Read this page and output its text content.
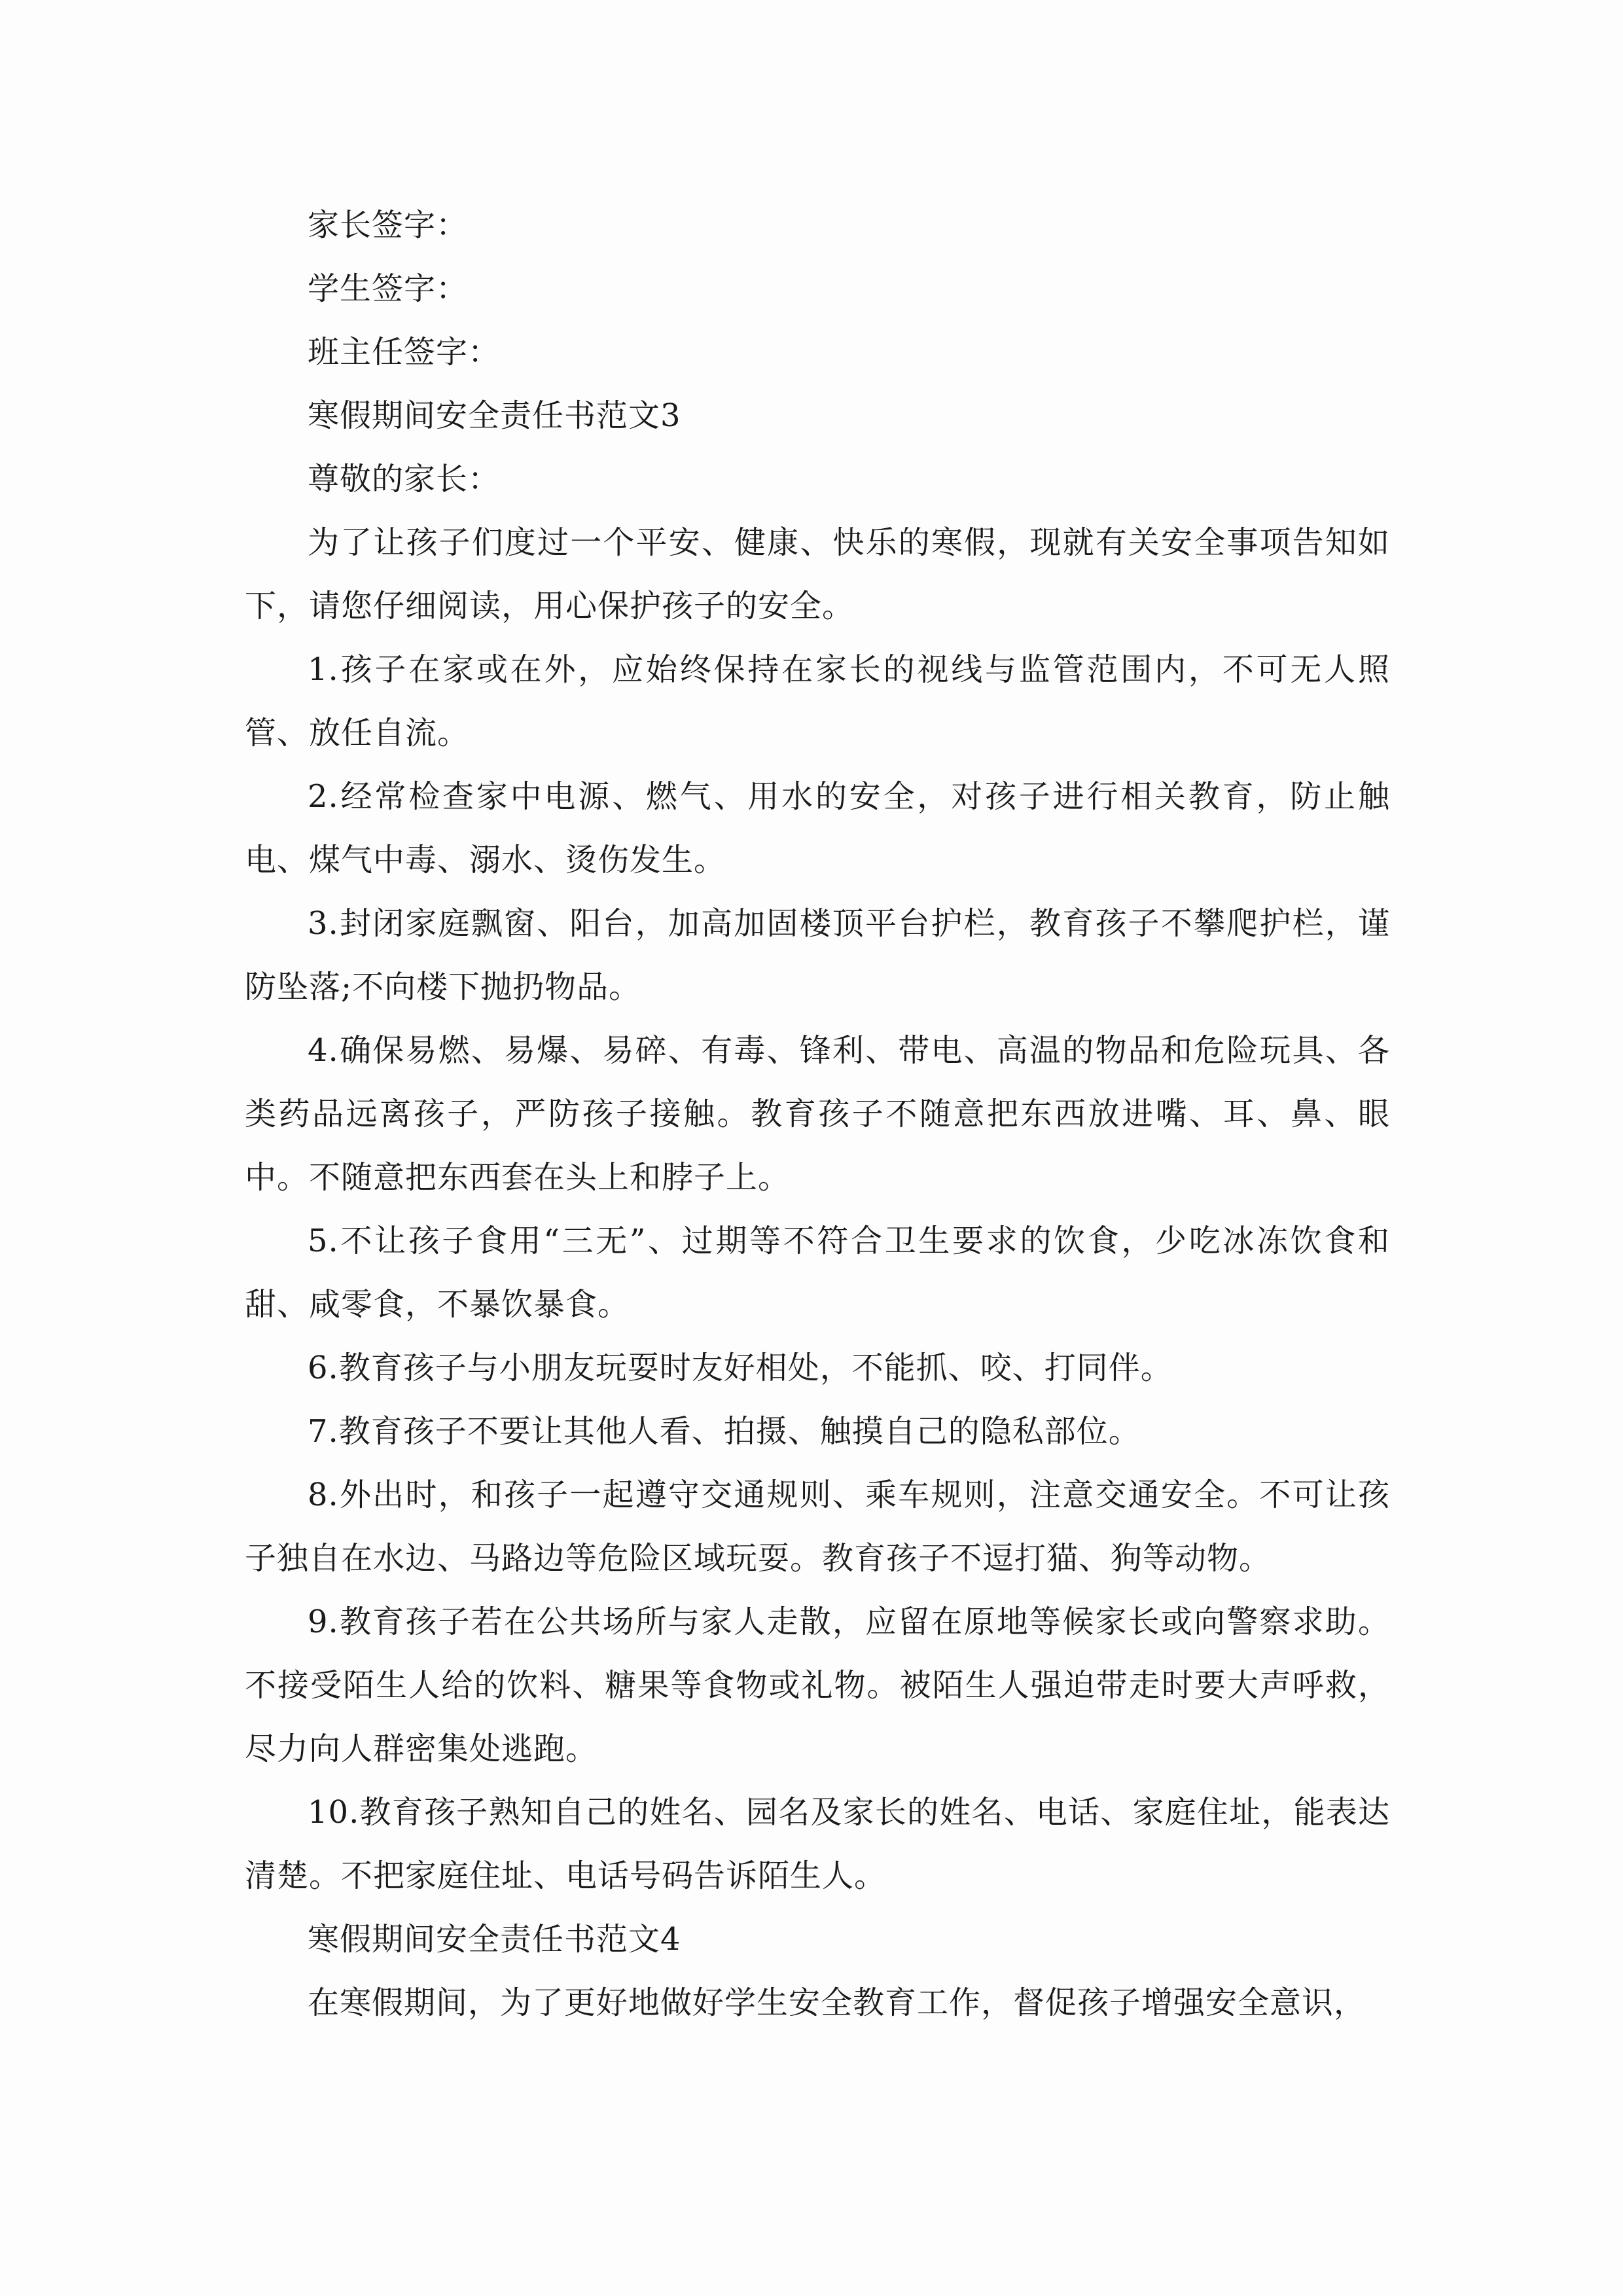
家长签字：

学生签字：

班主任签字：

寒假期间安全责任书范文3

尊敬的家长：

为了让孩子们度过一个平安、健康、快乐的寒假，现就有关安全事项告知如下，请您仔细阅读，用心保护孩子的安全。

1.孩子在家或在外，应始终保持在家长的视线与监管范围内，不可无人照管、放任自流。

2.经常检查家中电源、燃气、用水的安全，对孩子进行相关教育，防止触电、煤气中毒、溺水、烫伤发生。

3.封闭家庭飘窗、阳台，加高加固楼顶平台护栏，教育孩子不攀爬护栏，谨防坠落;不向楼下抛扔物品。

4.确保易燃、易爆、易碎、有毒、锋利、带电、高温的物品和危险玩具、各类药品远离孩子，严防孩子接触。教育孩子不随意把东西放进嘴、耳、鼻、眼中。不随意把东西套在头上和脖子上。

5.不让孩子食用“三无”、过期等不符合卫生要求的饮食，少吃冰冻饮食和甜、咸零食，不暴饮暴食。

6.教育孩子与小朋友玩耍时友好相处，不能抓、咬、打同伴。

7.教育孩子不要让其他人看、拍摄、触摸自己的隐私部位。

8.外出时，和孩子一起遵守交通规则、乘车规则，注意交通安全。不可让孩子独自在水边、马路边等危险区域玩耍。教育孩子不逗打猫、狗等动物。

9.教育孩子若在公共场所与家人走散，应留在原地等候家长或向警察求助。不接受陌生人给的饮料、糖果等食物或礼物。被陌生人强迫带走时要大声呼救，尽力向人群密集处逃跑。

10.教育孩子熟知自己的姓名、园名及家长的姓名、电话、家庭住址，能表达清楚。不把家庭住址、电话号码告诉陌生人。

寒假期间安全责任书范文4

在寒假期间，为了更好地做好学生安全教育工作，督促孩子增强安全意识，
